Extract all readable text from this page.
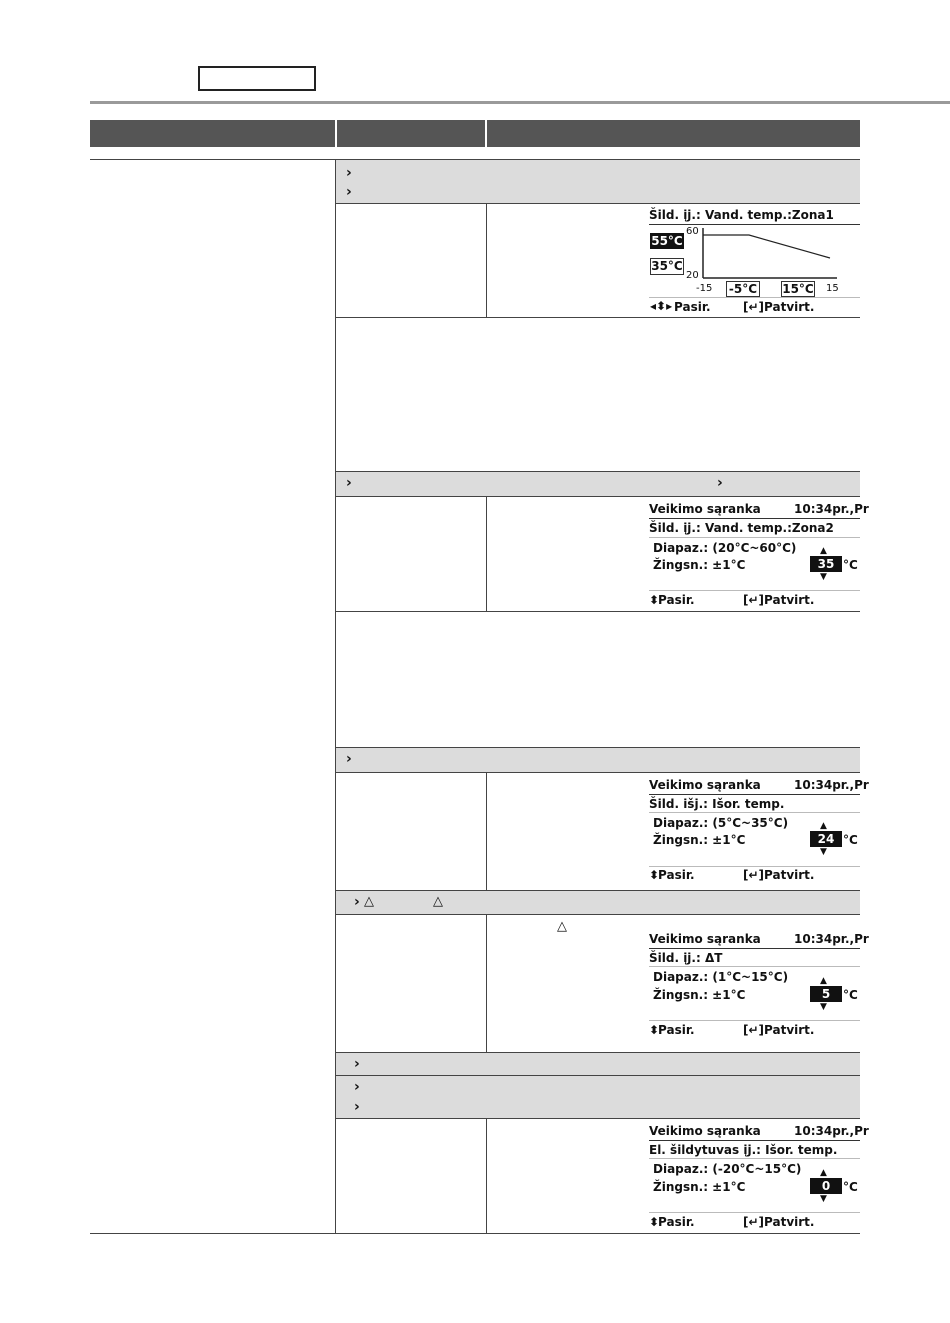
›
›
Šild. įj.: Vand. temp.:Zona1
60
20
55°C
35°C
-15	15
-5°C 15°C
◂⬍▸ Pasir.	[↵]Patvirt.
›	›
Veikimo sąranka	10:34pr.,Pr
Šild. įj.: Vand. temp.:Zona2
Diapaz.: (20°C~60°C)
Žingsn.: ±1°C
▲
35
▼
°C
⬍
Pasir.	[↵]Patvirt.
›
Veikimo sąranka	10:34pr.,Pr
Šild. išj.: Išor. temp.
Diapaz.: (5°C~35°C)
Žingsn.: ±1°C
▲
24
▼
°C
⬍
Pasir.	[↵]Patvirt.
› △	△
△
Veikimo sąranka	10:34pr.,Pr
Šild. įj.: ΔT
Diapaz.: (1°C~15°C)
Žingsn.: ±1°C
▲
5
▼
°C
⬍
Pasir.	[↵]Patvirt.
›
›
›
Veikimo sąranka	10:34pr.,Pr
El. šildytuvas įj.: Išor. temp.
Diapaz.: (-20°C~15°C)
Žingsn.: ±1°C
▲
0
▼
°C
⬍
Pasir.	[↵]Patvirt.
